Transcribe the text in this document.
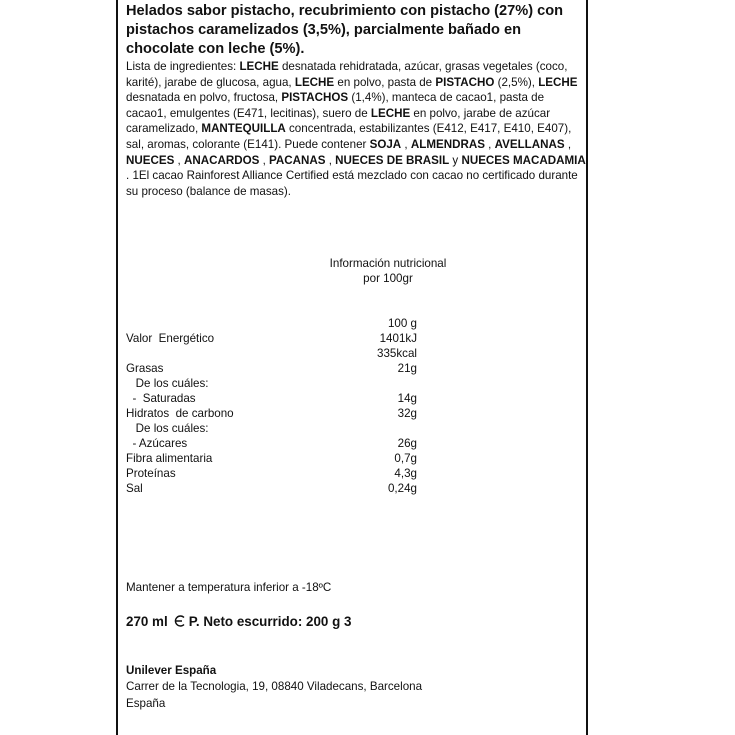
Helados sabor pistacho, recubrimiento con pistacho (27%) con pistachos caramelizados (3,5%), parcialmente bañado en chocolate con leche (5%).
Lista de ingredientes: LECHE desnatada rehidratada, azúcar, grasas vegetales (coco, karité), jarabe de glucosa, agua, LECHE en polvo, pasta de PISTACHO (2,5%), LECHE desnatada en polvo, fructosa, PISTACHOS (1,4%), manteca de cacao1, pasta de cacao1, emulgentes (E471, lecitinas), suero de LECHE en polvo, jarabe de azúcar caramelizado, MANTEQUILLA concentrada, estabilizantes (E412, E417, E410, E407), sal, aromas, colorante (E141). Puede contener SOJA , ALMENDRAS , AVELLANAS , NUECES , ANACARDOS , PACANAS , NUECES DE BRASIL y NUECES MACADAMIA . 1El cacao Rainforest Alliance Certified está mezclado con cacao no certificado durante su proceso (balance de masas).
Información nutricional
por 100gr
100 g
Valor  Energético	1401kJ
335kcal
Grasas	21g
De los cuáles:
-  Saturadas	14g
Hidratos  de carbono	32g
De los cuáles:
- Azúcares	26g
Fibra alimentaria	0,7g
Proteínas	4,3g
Sal	0,24g
Mantener a temperatura inferior a -18ºC
270 ml P. Neto escurrido: 200 g 3
Unilever España
Carrer de la Tecnologia, 19, 08840 Viladecans, Barcelona
España
